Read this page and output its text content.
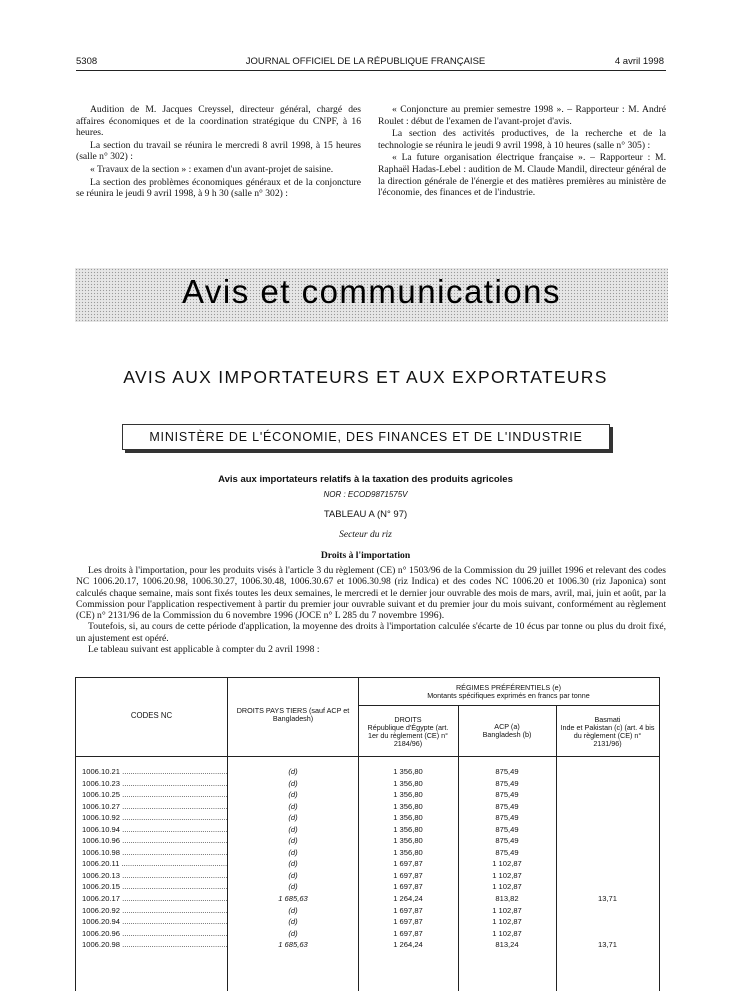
5308	JOURNAL OFFICIEL DE LA RÉPUBLIQUE FRANÇAISE	4 avril 1998

Audition de M. Jacques Creyssel, directeur général, chargé des affaires économiques et de la coordination stratégique du CNPF, à 16 heures.

La section du travail se réunira le mercredi 8 avril 1998, à 15 heures (salle n° 302) :

« Travaux de la section » : examen d'un avant-projet de saisine.

La section des problèmes économiques généraux et de la conjoncture se réunira le jeudi 9 avril 1998, à 9 h 30 (salle n° 302) :

« Conjoncture au premier semestre 1998 ». – Rapporteur : M. André Roulet : début de l'examen de l'avant-projet d'avis.

La section des activités productives, de la recherche et de la technologie se réunira le jeudi 9 avril 1998, à 10 heures (salle n° 305) :

« La future organisation électrique française ». – Rapporteur : M. Raphaël Hadas-Lebel : audition de M. Claude Mandil, directeur général de la direction générale de l'énergie et des matières premières au ministère de l'économie, des finances et de l'industrie.

Avis et communications
AVIS AUX IMPORTATEURS ET AUX EXPORTATEURS
MINISTÈRE DE L'ÉCONOMIE, DES FINANCES ET DE L'INDUSTRIE
Avis aux importateurs relatifs à la taxation des produits agricoles
NOR : ECOD9871575V
TABLEAU A (N° 97)
Secteur du riz
Droits à l'importation

Les droits à l'importation, pour les produits visés à l'article 3 du règlement (CE) n° 1503/96 de la Commission du 29 juillet 1996 et relevant des codes NC 1006.20.17, 1006.20.98, 1006.30.27, 1006.30.48, 1006.30.67 et 1006.30.98 (riz Indica) et des codes NC 1006.20 et 1006.30 (riz Japonica) sont calculés chaque semaine, mais sont fixés toutes les deux semaines, le mercredi et le dernier jour ouvrable des mois de mars, avril, mai, juin et août, par la Commission pour l'application respectivement à partir du premier jour ouvrable suivant et du premier jour du mois suivant, conformément au règlement (CE) n° 2131/96 de la Commission du 6 novembre 1996 (JOCE n° L 285 du 7 novembre 1996).

Toutefois, si, au cours de cette période d'application, la moyenne des droits à l'importation calculée s'écarte de 10 écus par tonne ou plus du droit fixé, un ajustement est opéré.

Le tableau suivant est applicable à compter du 2 avril 1998 :

CODES NC
DROITS PAYS TIERS (sauf ACP et Bangladesh)
RÉGIMES PRÉFÉRENTIELS (e)
Montants spécifiques exprimés en francs par tonne
DROITS
République d'Égypte (art. 1er du règlement (CE) n° 2184/96)
ACP (a)
Bangladesh (b)
Basmati
Inde et Pakistan (c) (art. 4 bis du règlement (CE) n° 2131/96)
1006.10.21 .....	(d)	1 356,80	875,49
1006.10.23 .....	(d)	1 356,80	875,49
1006.10.25 .....	(d)	1 356,80	875,49
1006.10.27 .....	(d)	1 356,80	875,49
1006.10.92 .....	(d)	1 356,80	875,49
1006.10.94 .....	(d)	1 356,80	875,49
1006.10.96 .....	(d)	1 356,80	875,49
1006.10.98 .....	(d)	1 356,80	875,49
1006.20.11 .....	(d)	1 697,87	1 102,87
1006.20.13 .....	(d)	1 697,87	1 102,87
1006.20.15 .....	(d)	1 697,87	1 102,87
1006.20.17 .....	1 685,63	1 264,24	813,82	13,71
1006.20.92 .....	(d)	1 697,87	1 102,87
1006.20.94 .....	(d)	1 697,87	1 102,87
1006.20.96 .....	(d)	1 697,87	1 102,87
1006.20.98 .....	1 685,63	1 264,24	813,24	13,71
